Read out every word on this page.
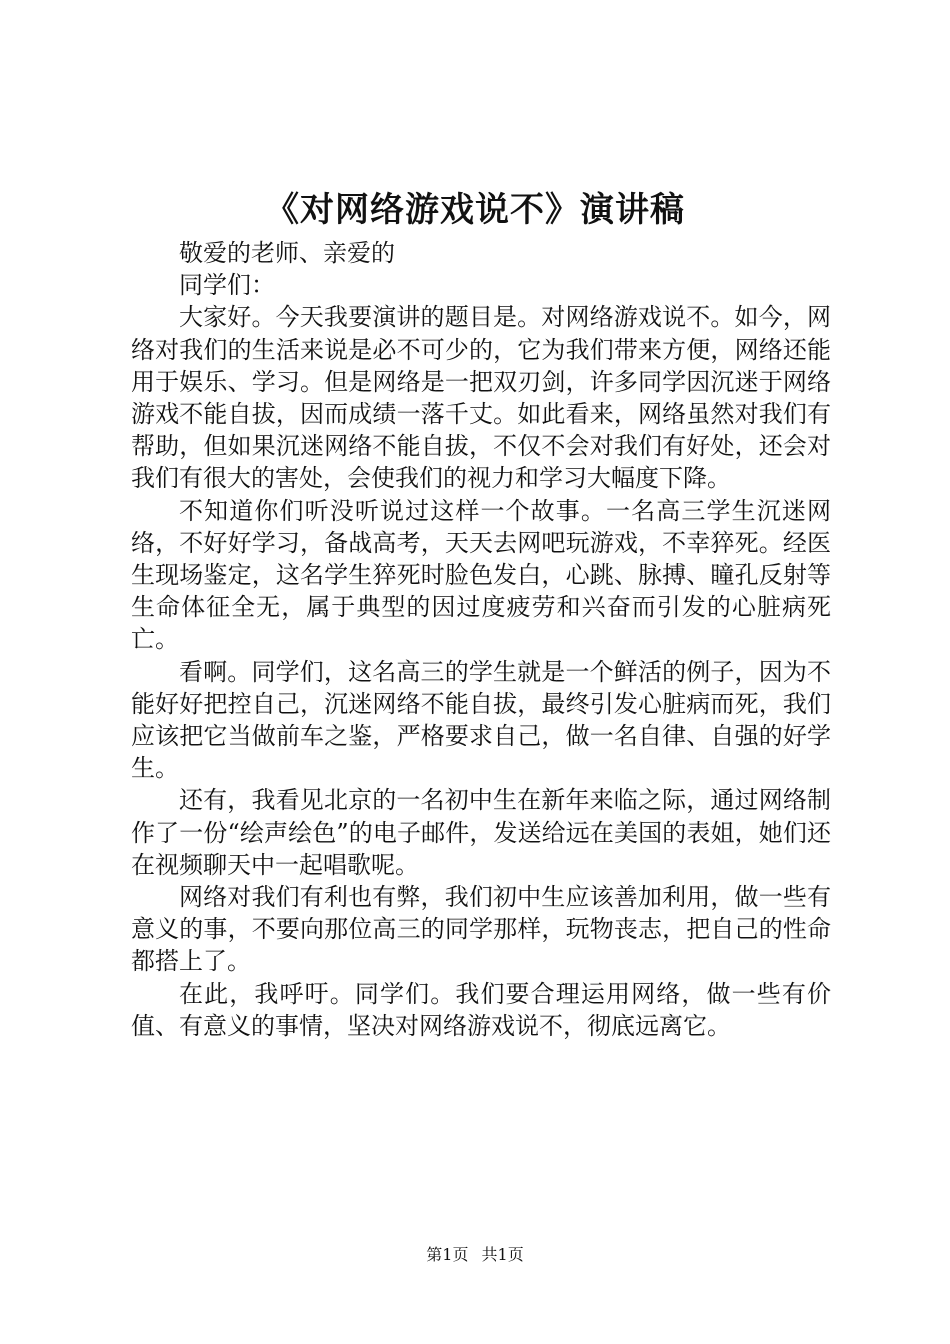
《对网络游戏说不》演讲稿

敬爱的老师、亲爱的同学们：

大家好。今天我要演讲的题目是。对网络游戏说不。如今，网络对我们的生活来说是必不可少的，它为我们带来方便，网络还能用于娱乐、学习。但是网络是一把双刃剑，许多同学因沉迷于网络游戏不能自拔，因而成绩一落千丈。如此看来，网络虽然对我们有帮助，但如果沉迷网络不能自拔，不仅不会对我们有好处，还会对我们有很大的害处，会使我们的视力和学习大幅度下降。

不知道你们听没听说过这样一个故事。一名高三学生沉迷网络，不好好学习，备战高考，天天去网吧玩游戏，不幸猝死。经医生现场鉴定，这名学生猝死时脸色发白，心跳、脉搏、瞳孔反射等生命体征全无，属于典型的因过度疲劳和兴奋而引发的心脏病死亡。

看啊。同学们，这名高三的学生就是一个鲜活的例子，因为不能好好把控自己，沉迷网络不能自拔，最终引发心脏病而死，我们应该把它当做前车之鉴，严格要求自己，做一名自律、自强的好学生。

还有，我看见北京的一名初中生在新年来临之际，通过网络制作了一份“绘声绘色”的电子邮件，发送给远在美国的表姐，她们还在视频聊天中一起唱歌呢。

网络对我们有利也有弊，我们初中生应该善加利用，做一些有意义的事，不要向那位高三的同学那样，玩物丧志，把自己的性命都搭上了。

在此，我呼吁。同学们。我们要合理运用网络，做一些有价值、有意义的事情，坚决对网络游戏说不，彻底远离它。

第1页 共1页
